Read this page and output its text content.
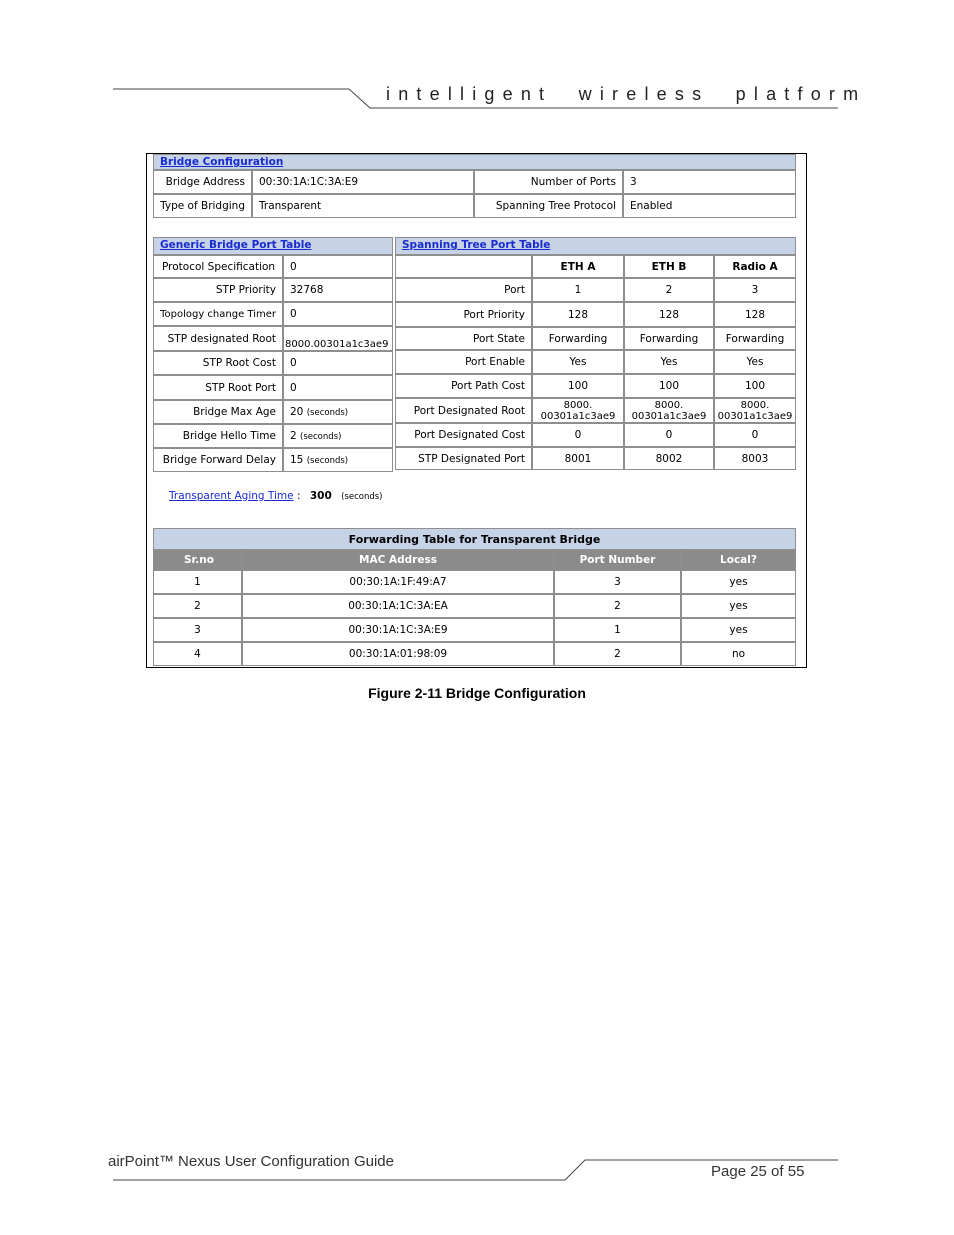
intelligent  wireless  platform
Bridge Configuration
Bridge Address	00:30:1A:1C:3A:E9	Number of Ports	3
Type of Bridging	Transparent	Spanning Tree Protocol	Enabled
Generic Bridge Port Table
Protocol Specification	0
STP Priority	32768
Topology change Timer	0
STP designated Root	8000.00301a1c3ae9
STP Root Cost	0
STP Root Port	0
Bridge Max Age	20 (seconds)
Bridge Hello Time	2 (seconds)
Bridge Forward Delay	15 (seconds)
Spanning Tree Port Table
	ETH A	ETH B	Radio A
Port	1	2	3
Port Priority	128	128	128
Port State	Forwarding	Forwarding	Forwarding
Port Enable	Yes	Yes	Yes
Port Path Cost	100	100	100
Port Designated Root	8000. 00301a1c3ae9	8000. 00301a1c3ae9	8000. 00301a1c3ae9
Port Designated Cost	0	0	0
STP Designated Port	8001	8002	8003
Transparent Aging Time : 300 (seconds)
Forwarding Table for Transparent Bridge
Sr.no	MAC Address	Port Number	Local?
1	00:30:1A:1F:49:A7	3	yes
2	00:30:1A:1C:3A:EA	2	yes
3	00:30:1A:1C:3A:E9	1	yes
4	00:30:1A:01:98:09	2	no
Figure 2-11 Bridge Configuration
airPoint™ Nexus User Configuration Guide
Page 25 of 55
